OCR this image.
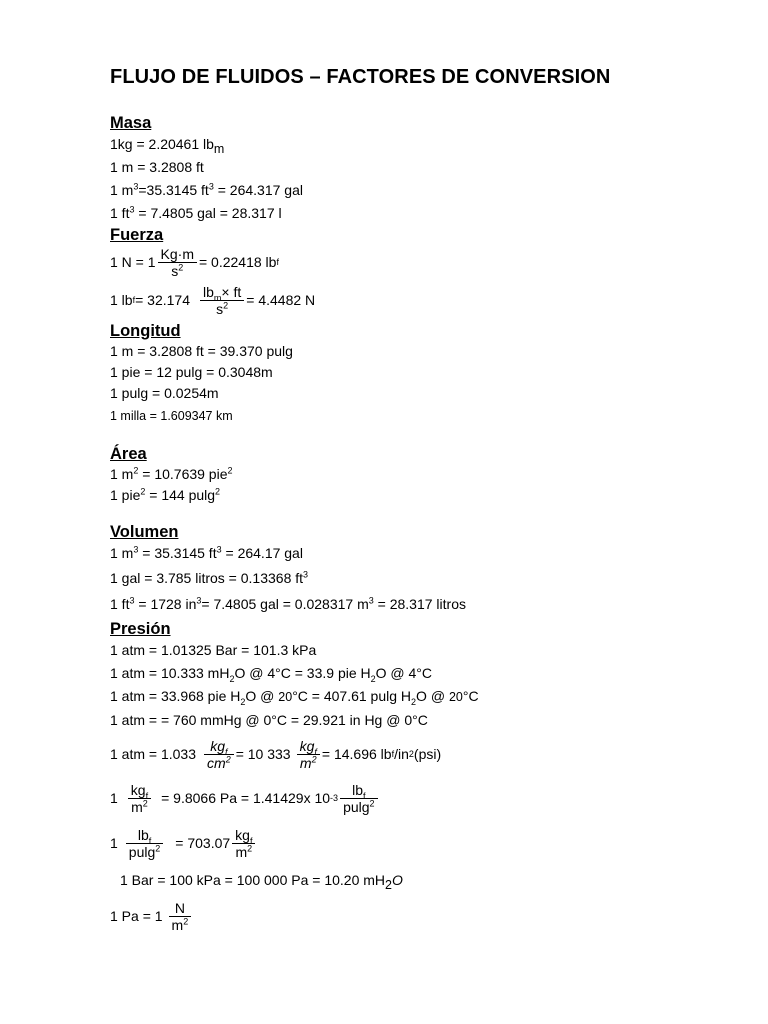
FLUJO DE FLUIDOS – FACTORES DE CONVERSION
Masa
1kg = 2.20461 $lb_m$
1 m = 3.2808 ft
1 $m^3=35.3145$ $ft^3 = 264.317$ gal
1 $ft^3 = 7.4805$ gal = 28.317 l
Fuerza
1 $N = 1 \frac{Kg\cdot m}{s^2} = 0.22418$ lb f
1 lb $f = 32.174 \frac{lb_m\times ft}{s^2} = 4.4482$ N
Longitud
1 m = 3.2808 ft = 39.370 pulg
1 pie = 12 pulg = 0.3048m
1 pulg = 0.0254m
1 milla = 1.609347 km
Área
1 $m^2 = 10.7639$ pie$^2$
1 pie$^2$ = 144 pulg$^2$
Volumen
1 $m^3 = 35.3145$ $ft^3 = 264.17$ gal
1 gal = 3.785 litros = 0.13368 $ft^3$
1 $ft^3 = 1728$ $in^3= 7.4805$ gal = 0.028317 $m^3 = 28.317$ litros
Presión
1 atm = 1.01325 Bar = 101.3 kPa
1 atm = 10.333 $mH_2O$ @ 4°C = 33.9 pie $H_2O$ @ 4°C
1 atm = 33.968 pie $H_2O$ @ 20°C = 407.61 pulg $H_2O$ @ 20°C
1 atm = = 760 mmHg @ 0°C = 29.921 in Hg @ 0°C
1 atm = $1.033 \frac{kg_f}{cm^2} = 10$ $333 \frac{kg_f}{m^2} = 14.696$ lb f /in 2 (psi)
$1 \frac{kg_f}{m^2} = 9.8066$ Pa = 1.41429x 10 $-3 \frac{lb_f}{pulg^2}$
$1 \frac{lb_f}{pulg^2} = 703.07 \frac{kg_f}{m^2}$
1 Bar = 100 kPa = 100 000 Pa = 10.20 $mH_2O$
1 $Pa = 1 \frac{N}{m^2}$
